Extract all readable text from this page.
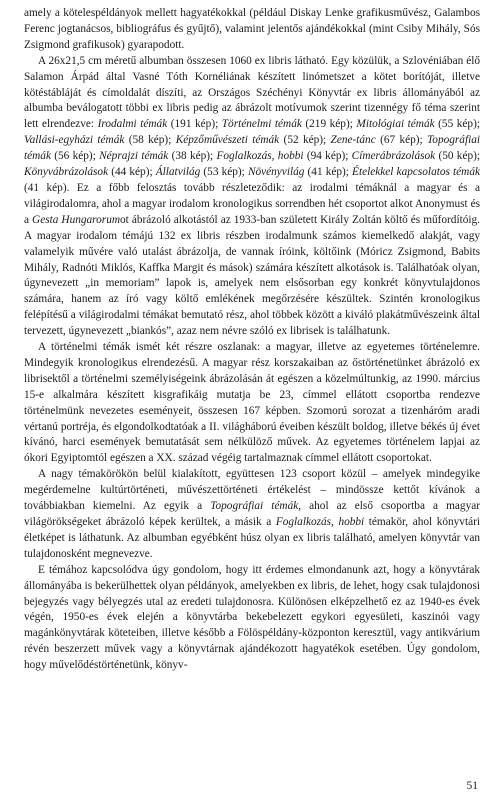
amely a kötelespéldányok mellett hagyatékokkal (például Diskay Lenke grafikusművész, Galambos Ferenc jogtanácsos, bibliográfus és gyűjtő), valamint jelentős ajándékokkal (mint Csiby Mihály, Sós Zsigmond grafikusok) gyarapodott.

A 26x21,5 cm méretű albumban összesen 1060 ex libris látható. Egy közülük, a Szlovéniában élő Salamon Árpád által Vasné Tóth Kornéliának készített linómetszet a kötet borítóját, illetve kötéstábláját és címoldalát díszíti, az Országos Széchényi Könyvtár ex libris állományából az albumba beválogatott többi ex libris pedig az ábrázolt motívumok szerint tizennégy fő téma szerint lett elrendezve: Irodalmi témák (191 kép); Történelmi témák (219 kép); Mitológiai témák (55 kép); Vallási-egyházi témák (58 kép); Képzőművészeti témák (52 kép); Zene-tánc (67 kép); Topográfiai témák (56 kép); Néprajzi témák (38 kép); Foglalkozás, hobbi (94 kép); Címerábrázolások (50 kép); Könyvábrázolások (44 kép); Állatvilág (53 kép); Növényvilág (41 kép); Ételekkel kapcsolatos témák (41 kép). Ez a főbb felosztás tovább részleteződik: az irodalmi témáknál a magyar és a világirodalomra, ahol a magyar irodalom kronologikus sorrendben hét csoportot alkot Anonymust és a Gesta Hungarorumot ábrázoló alkotástól az 1933-ban született Király Zoltán költő és műfordítóig. A magyar irodalom témájú 132 ex libris részben irodalmunk számos kiemelkedő alakját, vagy valamelyik művére való utalást ábrázolja, de vannak íróink, költőink (Móricz Zsigmond, Babits Mihály, Radnóti Miklós, Kaffka Margit és mások) számára készített alkotások is. Találhatóak olyan, úgynevezett „in memoriam” lapok is, amelyek nem elsősorban egy konkrét könyvtulajdonos számára, hanem az író vagy költő emlékének megőrzésére készültek. Szintén kronologikus felépítésű a világirodalmi témákat bemutató rész, ahol többek között a kiváló plakátművészeink által tervezett, úgynevezett „biankós”, azaz nem névre szóló ex librisek is találhatunk.

A történelmi témák ismét két részre oszlanak: a magyar, illetve az egyetemes történelemre. Mindegyik kronologikus elrendezésű. A magyar rész korszakaiban az őstörténetünket ábrázoló ex librisektől a történelmi személyiségeink ábrázolásán át egészen a közelmúltunkig, az 1990. március 15-e alkalmára készített kisgrafikáig mutatja be 23, címmel ellátott csoportba rendezve történelmünk nevezetes eseményeit, összesen 167 képben. Szomorú sorozat a tizenháróm aradi vértanú portréja, és elgondolkodtatóak a II. világháború éveiben készült boldog, illetve békés új évet kívánó, harci események bemutatását sem nélkülöző művek. Az egyetemes történelem lapjai az ókori Egyiptomtól egészen a XX. század végéig tartalmaznak címmel ellátott csoportokat.

A nagy témakörökön belül kialakított, együttesen 123 csoport közül – amelyek mindegyike megérdemelne kultúrtörténeti, művészettörténeti értékelést – mindössze kettőt kívánok a továbbiakban kiemelni. Az egyik a Topográfiai témák, ahol az első csoportba a magyar világörökségeket ábrázoló képek kerültek, a másik a Foglalkozás, hobbi témakör, ahol könyvtári életképet is láthatunk. Az albumban egyébként húsz olyan ex libris található, amelyen könyvtár van tulajdonosként megnevezve.

E témához kapcsolódva úgy gondolom, hogy itt érdemes elmondanunk azt, hogy a könyvtárak állományába is bekerülhettek olyan példányok, amelyekben ex libris, de lehet, hogy csak tulajdonosi bejegyzés vagy bélyegzés utal az eredeti tulajdonosra. Különösen elképzelhető ez az 1940-es évek végén, 1950-es évek elején a könyvtárba bekebelezett egykori egyesületi, kaszinói vagy magánkönyvtárak köteteiben, illetve később a Fölöspéldány-központon keresztül, vagy antikvárium révén beszerzett művek vagy a könyvtárnak ajándékozott hagyatékok esetében. Úgy gondolom, hogy művelődéstörténetünk, könyv-

51
